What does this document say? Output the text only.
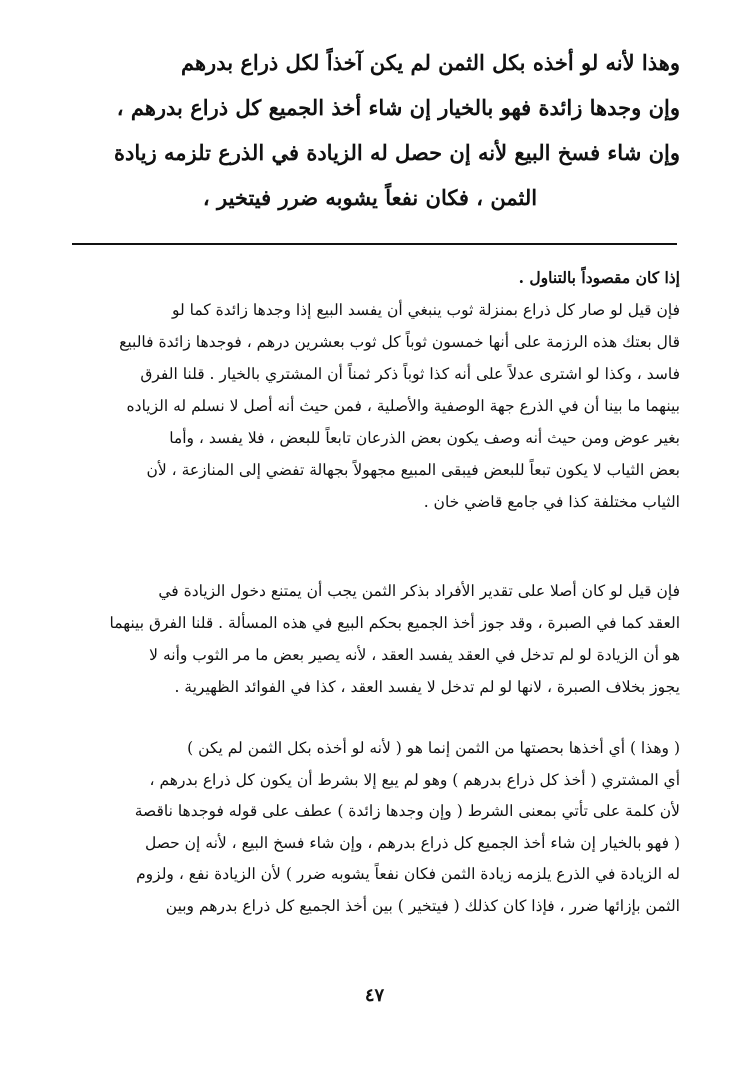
وهذا لأنه لو أخذه بكل الثمن لم يكن آخذاً لكل ذراع بدرهم
وإن وجدها زائدة فهو بالخيار إن شاء أخذ الجميع كل ذراع بدرهم ،
وإن شاء فسخ البيع لأنه إن حصل له الزيادة في الذرع تلزمه زيادة
الثمن ، فكان نفعاً يشوبه ضرر فيتخير ،
إذا كان مقصوداً بالتناول .
فإن قيل لو صار كل ذراع بمنزلة ثوب ينبغي أن يفسد البيع إذا وجدها زائدة كما لو
قال بعتك هذه الرزمة على أنها خمسون ثوباً كل ثوب بعشرين درهم ، فوجدها زائدة فالبيع
فاسد ، وكذا لو اشترى عدلاً على أنه كذا ثوباً ذكر ثمناً أن المشتري بالخيار . قلنا الفرق
بينهما ما بينا أن في الذرع جهة الوصفية والأصلية ، فمن حيث أنه أصل لا نسلم له الزياده
بغير عوض ومن حيث أنه وصف يكون بعض الذرعان تابعاً للبعض ، فلا يفسد ، وأما
بعض الثياب لا يكون تبعاً للبعض فيبقى المبيع مجهولاً بجهالة تفضي إلى المنازعة ، لأن
الثياب مختلفة كذا في جامع قاضي خان .
فإن قيل لو كان أصلا على تقدير الأفراد بذكر الثمن يجب أن يمتنع دخول الزيادة في
العقد كما في الصبرة ، وقد جوز أخذ الجميع بحكم البيع في هذه المسألة . قلنا الفرق بينهما
هو أن الزيادة لو لم تدخل في العقد يفسد العقد ، لأنه يصير بعض ما مر الثوب وأنه لا
يجوز بخلاف الصبرة ، لانها لو لم تدخل لا يفسد العقد ، كذا في الفوائد الظهيرية .
( وهذا ) أي أخذها بحصتها من الثمن إنما هو ( لأنه لو أخذه بكل الثمن لم يكن )
أي المشتري ( أخذ كل ذراع بدرهم ) وهو لم يبع إلا بشرط أن يكون كل ذراع بدرهم ،
لأن كلمة على تأتي بمعنى الشرط ( وإن وجدها زائدة ) عطف على قوله فوجدها ناقصة
( فهو بالخيار إن شاء أخذ الجميع كل ذراع بدرهم ، وإن شاء فسخ البيع ، لأنه إن حصل
له الزيادة في الذرع يلزمه زيادة الثمن فكان نفعاً يشوبه ضرر ) لأن الزيادة نفع ، ولزوم
الثمن بإزائها ضرر ، فإذا كان كذلك ( فيتخير ) بين أخذ الجميع كل ذراع بدرهم وبين
٤٧
